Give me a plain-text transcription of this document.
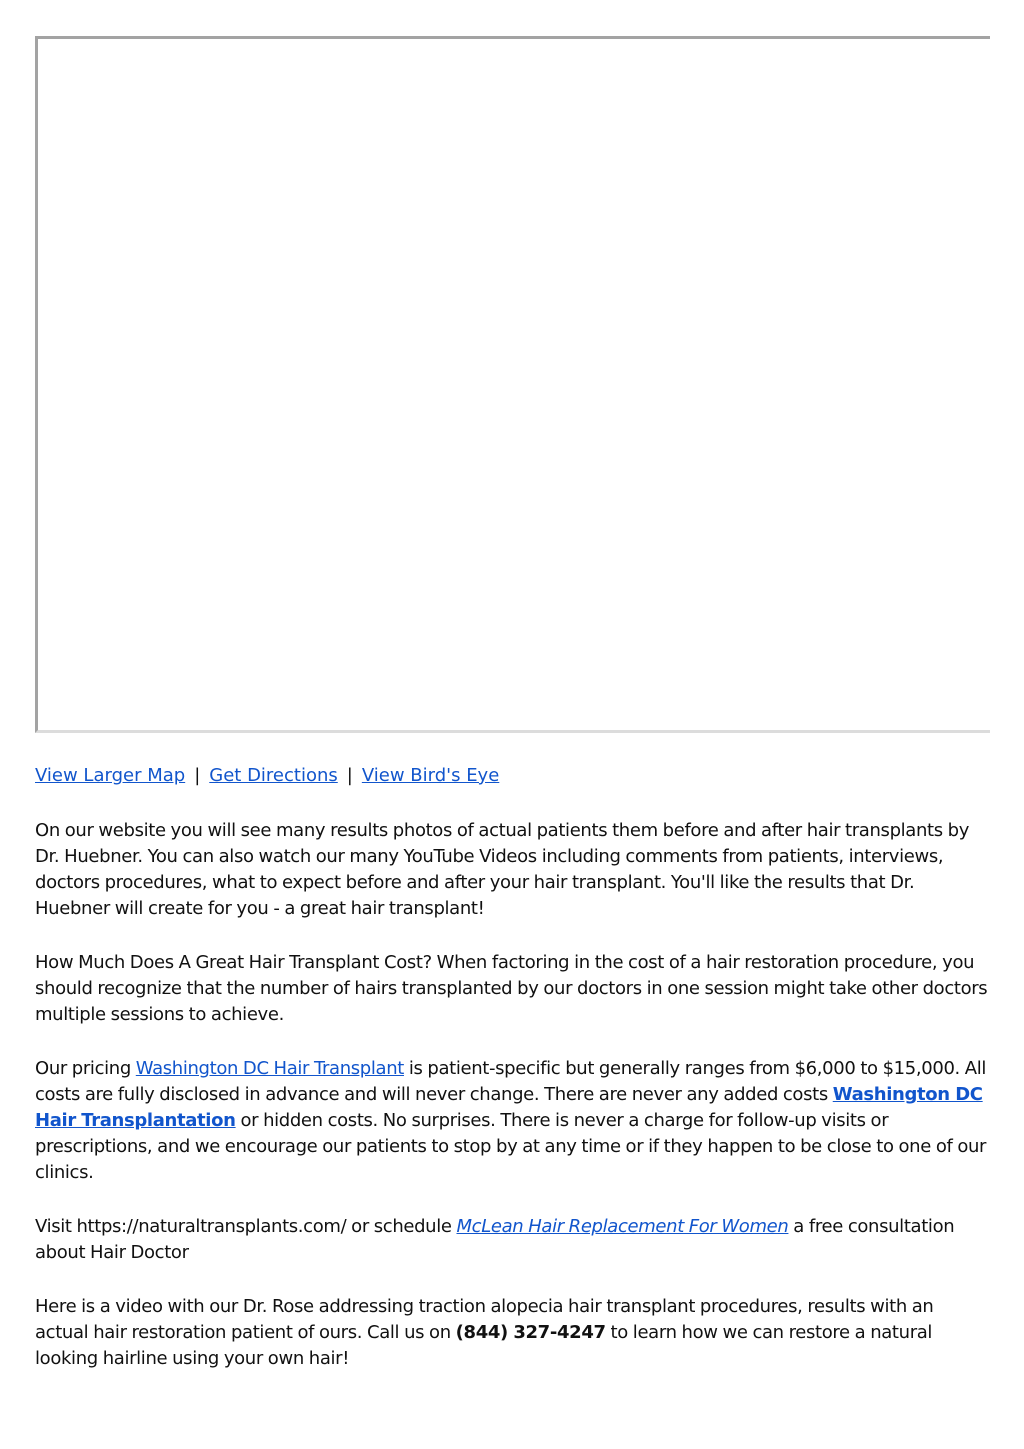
View Larger Map | Get Directions | View Bird's Eye

On our website you will see many results photos of actual patients them before and after hair transplants by Dr. Huebner. You can also watch our many YouTube Videos including comments from patients, interviews, doctors procedures, what to expect before and after your hair transplant. You'll like the results that Dr. Huebner will create for you - a great hair transplant!

How Much Does A Great Hair Transplant Cost? When factoring in the cost of a hair restoration procedure, you should recognize that the number of hairs transplanted by our doctors in one session might take other doctors multiple sessions to achieve.

Our pricing Washington DC Hair Transplant is patient-specific but generally ranges from $6,000 to $15,000. All costs are fully disclosed in advance and will never change. There are never any added costs Washington DC Hair Transplantation or hidden costs. No surprises. There is never a charge for follow-up visits or prescriptions, and we encourage our patients to stop by at any time or if they happen to be close to one of our clinics.

Visit https://naturaltransplants.com/ or schedule McLean Hair Replacement For Women a free consultation about Hair Doctor

Here is a video with our Dr. Rose addressing traction alopecia hair transplant procedures, results with an actual hair restoration patient of ours. Call us on (844) 327-4247 to learn how we can restore a natural looking hairline using your own hair!
